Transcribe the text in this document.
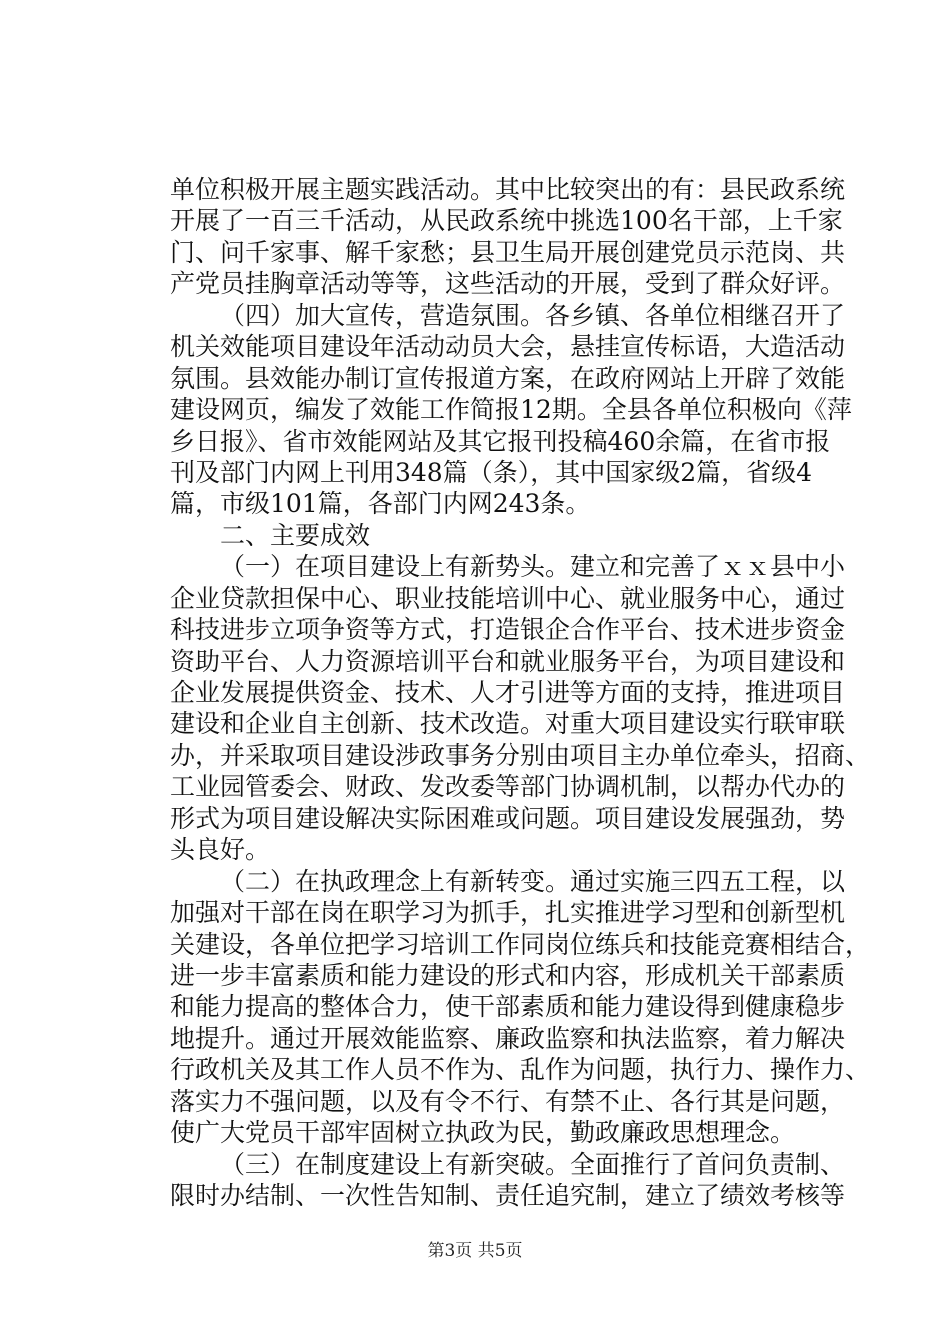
单位积极开展主题实践活动。其中比较突出的有：县民政系统
开展了一百三千活动，从民政系统中挑选100名干部，上千家
门、问千家事、解千家愁；县卫生局开展创建党员示范岗、共
产党员挂胸章活动等等，这些活动的开展，受到了群众好评。
（四）加大宣传，营造氛围。各乡镇、各单位相继召开了
机关效能项目建设年活动动员大会，悬挂宣传标语，大造活动
氛围。县效能办制订宣传报道方案，在政府网站上开辟了效能
建设网页，编发了效能工作简报12期。全县各单位积极向《萍
乡日报》、省市效能网站及其它报刊投稿460余篇，在省市报
刊及部门内网上刊用348篇（条），其中国家级2篇，省级4
篇，市级101篇，各部门内网243条。
二、主要成效
（一）在项目建设上有新势头。建立和完善了ｘｘ县中小
企业贷款担保中心、职业技能培训中心、就业服务中心，通过
科技进步立项争资等方式，打造银企合作平台、技术进步资金
资助平台、人力资源培训平台和就业服务平台，为项目建设和
企业发展提供资金、技术、人才引进等方面的支持，推进项目
建设和企业自主创新、技术改造。对重大项目建设实行联审联
办，并采取项目建设涉政事务分别由项目主办单位牵头，招商、
工业园管委会、财政、发改委等部门协调机制，以帮办代办的
形式为项目建设解决实际困难或问题。项目建设发展强劲，势
头良好。
（二）在执政理念上有新转变。通过实施三四五工程，以
加强对干部在岗在职学习为抓手，扎实推进学习型和创新型机
关建设，各单位把学习培训工作同岗位练兵和技能竞赛相结合，
进一步丰富素质和能力建设的形式和内容，形成机关干部素质
和能力提高的整体合力，使干部素质和能力建设得到健康稳步
地提升。通过开展效能监察、廉政监察和执法监察，着力解决
行政机关及其工作人员不作为、乱作为问题，执行力、操作力、
落实力不强问题，以及有令不行、有禁不止、各行其是问题，
使广大党员干部牢固树立执政为民，勤政廉政思想理念。
（三）在制度建设上有新突破。全面推行了首问负责制、
限时办结制、一次性告知制、责任追究制，建立了绩效考核等
第3页 共5页
